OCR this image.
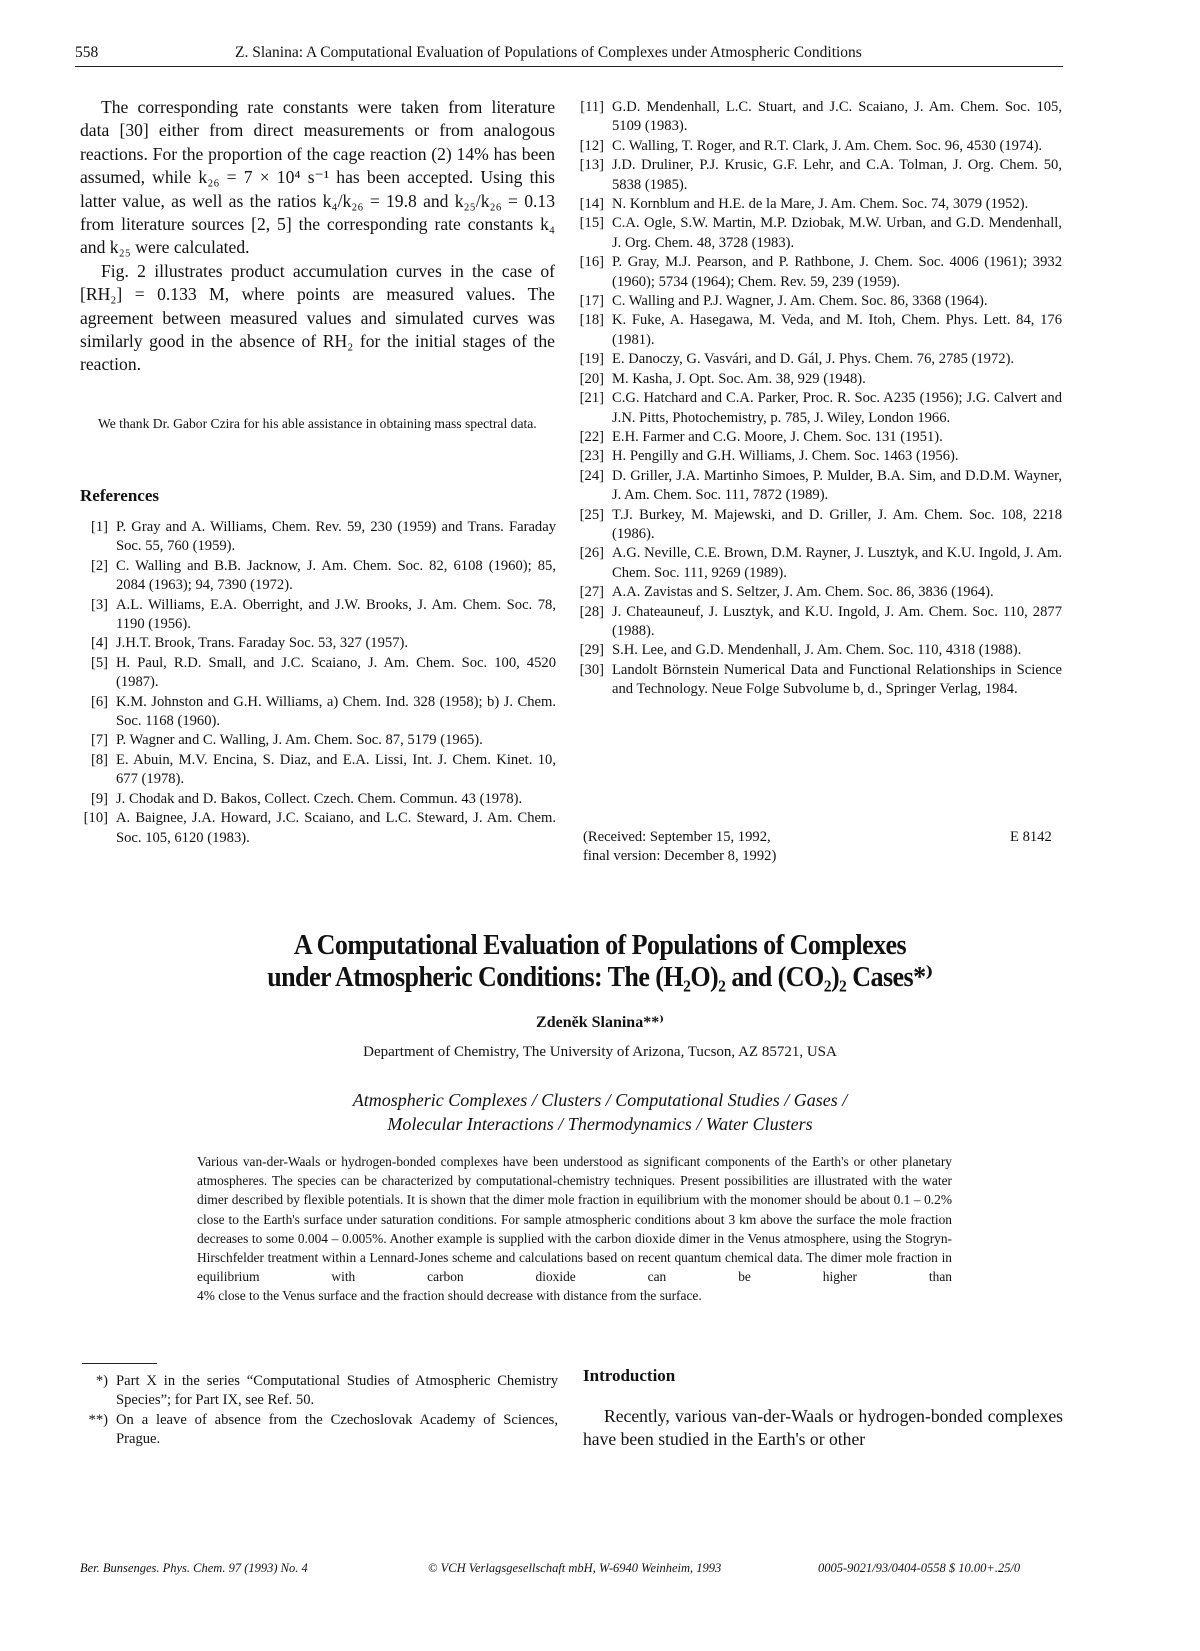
558	Z. Slanina: A Computational Evaluation of Populations of Complexes under Atmospheric Conditions

The corresponding rate constants were taken from literature data [30] either from direct measurements or from analogous reactions. For the proportion of the cage reaction (2) 14% has been assumed, while k₂₆ = 7 × 10⁴ s⁻¹ has been accepted. Using this latter value, as well as the ratios k₄/k₂₆ = 19.8 and k₂₅/k₂₆ = 0.13 from literature sources [2, 5] the corresponding rate constants k₄ and k₂₅ were calculated.

Fig. 2 illustrates product accumulation curves in the case of [RH₂] = 0.133 M, where points are measured values. The agreement between measured values and simulated curves was similarly good in the absence of RH₂ for the initial stages of the reaction.

We thank Dr. Gabor Czira for his able assistance in obtaining mass spectral data.
References
[1] P. Gray and A. Williams, Chem. Rev. 59, 230 (1959) and Trans. Faraday Soc. 55, 760 (1959).
[2] C. Walling and B.B. Jacknow, J. Am. Chem. Soc. 82, 6108 (1960); 85, 2084 (1963); 94, 7390 (1972).
[3] A.L. Williams, E.A. Oberright, and J.W. Brooks, J. Am. Chem. Soc. 78, 1190 (1956).
[4] J.H.T. Brook, Trans. Faraday Soc. 53, 327 (1957).
[5] H. Paul, R.D. Small, and J.C. Scaiano, J. Am. Chem. Soc. 100, 4520 (1987).
[6] K.M. Johnston and G.H. Williams, a) Chem. Ind. 328 (1958); b) J. Chem. Soc. 1168 (1960).
[7] P. Wagner and C. Walling, J. Am. Chem. Soc. 87, 5179 (1965).
[8] E. Abuin, M.V. Encina, S. Diaz, and E.A. Lissi, Int. J. Chem. Kinet. 10, 677 (1978).
[9] J. Chodak and D. Bakos, Collect. Czech. Chem. Commun. 43 (1978).
[10] A. Baignee, J.A. Howard, J.C. Scaiano, and L.C. Steward, J. Am. Chem. Soc. 105, 6120 (1983).
[11] G.D. Mendenhall, L.C. Stuart, and J.C. Scaiano, J. Am. Chem. Soc. 105, 5109 (1983).
[12] C. Walling, T. Roger, and R.T. Clark, J. Am. Chem. Soc. 96, 4530 (1974).
[13] J.D. Druliner, P.J. Krusic, G.F. Lehr, and C.A. Tolman, J. Org. Chem. 50, 5838 (1985).
[14] N. Kornblum and H.E. de la Mare, J. Am. Chem. Soc. 74, 3079 (1952).
[15] C.A. Ogle, S.W. Martin, M.P. Dziobak, M.W. Urban, and G.D. Mendenhall, J. Org. Chem. 48, 3728 (1983).
[16] P. Gray, M.J. Pearson, and P. Rathbone, J. Chem. Soc. 4006 (1961); 3932 (1960); 5734 (1964); Chem. Rev. 59, 239 (1959).
[17] C. Walling and P.J. Wagner, J. Am. Chem. Soc. 86, 3368 (1964).
[18] K. Fuke, A. Hasegawa, M. Veda, and M. Itoh, Chem. Phys. Lett. 84, 176 (1981).
[19] E. Danoczy, G. Vasvári, and D. Gál, J. Phys. Chem. 76, 2785 (1972).
[20] M. Kasha, J. Opt. Soc. Am. 38, 929 (1948).
[21] C.G. Hatchard and C.A. Parker, Proc. R. Soc. A235 (1956); J.G. Calvert and J.N. Pitts, Photochemistry, p. 785, J. Wiley, London 1966.
[22] E.H. Farmer and C.G. Moore, J. Chem. Soc. 131 (1951).
[23] H. Pengilly and G.H. Williams, J. Chem. Soc. 1463 (1956).
[24] D. Griller, J.A. Martinho Simoes, P. Mulder, B.A. Sim, and D.D.M. Wayner, J. Am. Chem. Soc. 111, 7872 (1989).
[25] T.J. Burkey, M. Majewski, and D. Griller, J. Am. Chem. Soc. 108, 2218 (1986).
[26] A.G. Neville, C.E. Brown, D.M. Rayner, J. Lusztyk, and K.U. Ingold, J. Am. Chem. Soc. 111, 9269 (1989).
[27] A.A. Zavistas and S. Seltzer, J. Am. Chem. Soc. 86, 3836 (1964).
[28] J. Chateauneuf, J. Lusztyk, and K.U. Ingold, J. Am. Chem. Soc. 110, 2877 (1988).
[29] S.H. Lee, and G.D. Mendenhall, J. Am. Chem. Soc. 110, 4318 (1988).
[30] Landolt Börnstein Numerical Data and Functional Relationships in Science and Technology. Neue Folge Subvolume b, d., Springer Verlag, 1984.
(Received: September 15, 1992,
final version: December 8, 1992)
E 8142
A Computational Evaluation of Populations of Complexes
under Atmospheric Conditions: The (H₂O)₂ and (CO₂)₂ Cases*⁾
Zdeněk Slanina**⁾
Department of Chemistry, The University of Arizona, Tucson, AZ 85721, USA
Atmospheric Complexes / Clusters / Computational Studies / Gases /
Molecular Interactions / Thermodynamics / Water Clusters
Various van-der-Waals or hydrogen-bonded complexes have been understood as significant components of the Earth's or other planetary atmospheres. The species can be characterized by computational-chemistry techniques. Present possibilities are illustrated with the water dimer described by flexible potentials. It is shown that the dimer mole fraction in equilibrium with the monomer should be about 0.1 – 0.2% close to the Earth's surface under saturation conditions. For sample atmospheric conditions about 3 km above the surface the mole fraction decreases to some 0.004 – 0.005%. Another example is supplied with the carbon dioxide dimer in the Venus atmosphere, using the Stogryn-Hirschfelder treatment within a Lennard-Jones scheme and calculations based on recent quantum chemical data. The dimer mole fraction in equilibrium with carbon dioxide can be higher than
4% close to the Venus surface and the fraction should decrease with distance from the surface.
*) Part X in the series “Computational Studies of Atmospheric Chemistry Species”; for Part IX, see Ref. 50.
**) On a leave of absence from the Czechoslovak Academy of Sciences, Prague.
Introduction

Recently, various van-der-Waals or hydrogen-bonded complexes have been studied in the Earth's or other

Ber. Bunsenges. Phys. Chem. 97 (1993) No. 4	© VCH Verlagsgesellschaft mbH, W-6940 Weinheim, 1993	0005-9021/93/0404-0558 $ 10.00+.25/0
